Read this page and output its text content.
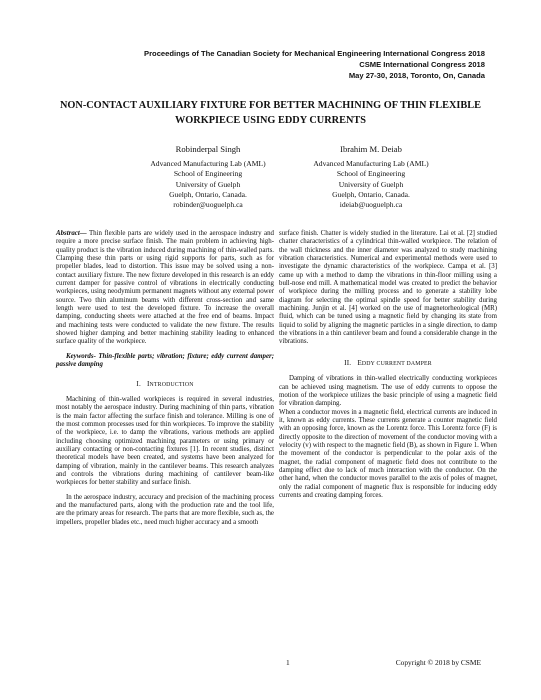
Proceedings of The Canadian Society for Mechanical Engineering International Congress 2018
CSME International Congress 2018
May 27-30, 2018, Toronto, On, Canada
NON-CONTACT AUXILIARY FIXTURE FOR BETTER MACHINING OF THIN FLEXIBLE
WORKPIECE USING EDDY CURRENTS
Robinderpal Singh
Advanced Manufacturing Lab (AML)
School of Engineering
University of Guelph
Guelph, Ontario, Canada.
robinder@uoguelph.ca
Ibrahim M. Deiab
Advanced Manufacturing Lab (AML)
School of Engineering
University of Guelph
Guelph, Ontario, Canada.
ideiab@uoguelph.ca

Abstract— Thin flexible parts are widely used in the aerospace industry and require a more precise surface finish. The main problem in achieving high-quality product is the vibration induced during machining of thin-walled parts. Clamping these thin parts or using rigid supports for parts, such as for propeller blades, lead to distortion. This issue may be solved using a non-contact auxiliary fixture. The new fixture developed in this research is an eddy current damper for passive control of vibrations in electrically conducting workpieces, using neodymium permanent magnets without any external power source. Two thin aluminum beams with different cross-section and same length were used to test the developed fixture. To increase the overall damping, conducting sheets were attached at the free end of beams. Impact and machining tests were conducted to validate the new fixture. The results showed higher damping and better machining stability leading to enhanced surface quality of the workpiece.

Keywords- Thin-flexible parts; vibration; fixture; eddy current damper; passive damping

I. INTRODUCTION

Machining of thin-walled workpieces is required in several industries, most notably the aerospace industry. During machining of thin parts, vibration is the main factor affecting the surface finish and tolerance. Milling is one of the most common processes used for thin workpieces. To improve the stability of the workpiece, i.e. to damp the vibrations, various methods are applied including choosing optimized machining parameters or using primary or auxiliary contacting or non-contacting fixtures [1]. In recent studies, distinct theoretical models have been created, and systems have been analyzed for damping of vibration, mainly in the cantilever beams. This research analyzes and controls the vibrations during machining of cantilever beam-like workpieces for better stability and surface finish.

In the aerospace industry, accuracy and precision of the machining process and the manufactured parts, along with the production rate and the tool life, are the primary areas for research. The parts that are more flexible, such as, the impellers, propeller blades etc., need much higher accuracy and a smooth

surface finish. Chatter is widely studied in the literature. Lai et al. [2] studied chatter characteristics of a cylindrical thin-walled workpiece. The relation of the wall thickness and the inner diameter was analyzed to study machining vibration characteristics. Numerical and experimental methods were used to investigate the dynamic characteristics of the workpiece. Campa et al. [3] came up with a method to damp the vibrations in thin-floor milling using a bull-nose end mill. A mathematical model was created to predict the behavior of workpiece during the milling process and to generate a stability lobe diagram for selecting the optimal spindle speed for better stability during machining. Junjin et al. [4] worked on the use of magnetorheological (MR) fluid, which can be tuned using a magnetic field by changing its state from liquid to solid by aligning the magnetic particles in a single direction, to damp the vibrations in a thin cantilever beam and found a considerable change in the vibrations.

II. EDDY CURRENT DAMPER

Damping of vibrations in thin-walled electrically conducting workpieces can be achieved using magnetism. The use of eddy currents to oppose the motion of the workpiece utilizes the basic principle of using a magnetic field for vibration damping.

When a conductor moves in a magnetic field, electrical currents are induced in it, known as eddy currents. These currents generate a counter magnetic field with an opposing force, known as the Lorentz force. This Lorentz force (F) is directly opposite to the direction of movement of the conductor moving with a velocity (v) with respect to the magnetic field (B), as shown in Figure 1. When the movement of the conductor is perpendicular to the polar axis of the magnet, the radial component of magnetic field does not contribute to the damping effect due to lack of much interaction with the conductor. On the other hand, when the conductor moves parallel to the axis of poles of magnet, only the radial component of magnetic flux is responsible for inducing eddy currents and creating damping forces.

1	Copyright © 2018 by CSME
